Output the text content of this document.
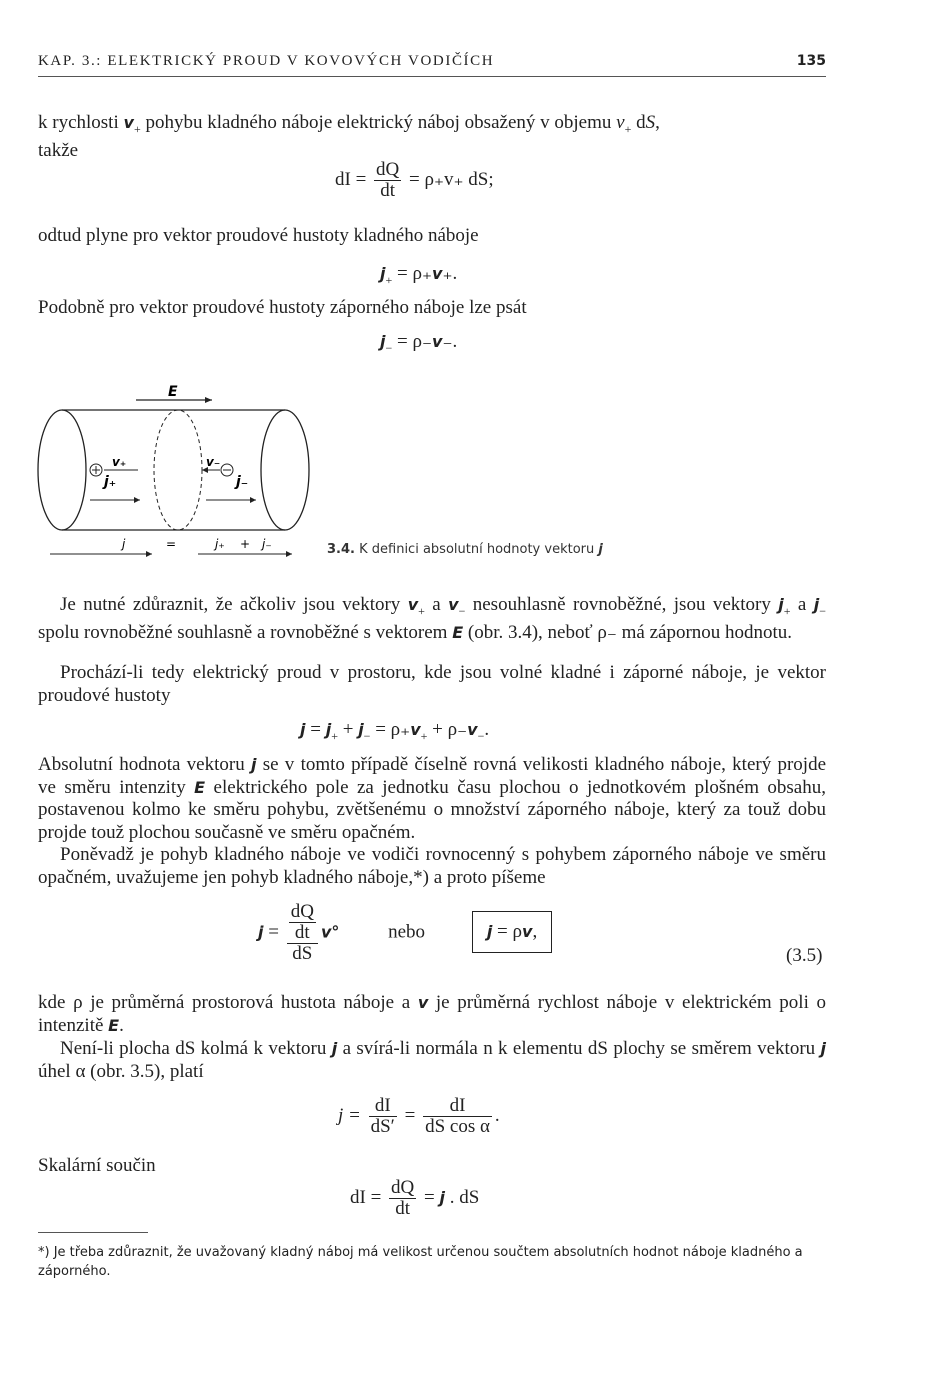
KAP. 3.: ELEKTRICKÝ PROUD V KOVOVÝCH VODIČÍCH	135

k rychlosti $v_+$ pohybu kladného náboje elektrický náboj obsažený v objemu $v_+$ dS,
takže

dI = $\frac{dQ}{dt} = \rho_+v_+$ dS;

odtud plyne pro vektor proudové hustoty kladného náboje

$j_+ = \rho_+v_+$.

Podobně pro vektor proudové hustoty záporného náboje lze psát

$j_- = \rho_-v_-$.
E
v₊
j₊
v₋
j₋
j	=	j₊ + j₋	3.4. K definici absolutní hodnoty vektoru j

Je nutné zdůraznit, že ačkoliv jsou vektory $v_+$ a $v_-$ nesouhlasně rovnoběžné, jsou vektory $j_+$ a $j_-$ spolu rovnoběžné souhlasně a rovnoběžné s vektorem E (obr. 3.4), neboť ρ₋ má zápornou hodnotu.

Prochází-li tedy elektrický proud v prostoru, kde jsou volné kladné i záporné náboje, je vektor proudové hustoty

$j = j_+ + j_- = \rho_+v_+ + \rho_-v_-$.

Absolutní hodnota vektoru j se v tomto případě číselně rovná velikosti kladného náboje, který projde ve směru intenzity E elektrického pole za jednotku času plochou o jednotkovém plošném obsahu, postavenou kolmo ke směru pohybu, zvětšenému o množství záporného náboje, který za touž dobu projde touž plochou současně ve směru opačném.

Poněvadž je pohyb kladného náboje ve vodiči rovnocenný s pohybem záporného náboje ve směru opačném, uvažujeme jen pohyb kladného náboje,*) a proto píšeme

j = dQ
dt
dS v°	nebo	j = ρv,
(3.5)

kde ρ je průměrná prostorová hustota náboje a v je průměrná rychlost náboje v elektrickém poli o intenzitě E.

Není-li plocha dS kolmá k vektoru j a svírá-li normála n k elementu dS plochy se směrem vektoru j úhel α (obr. 3.5), platí

$j = \frac{dI}{dS'} = \frac{dI}{\text{dS cos α}}$ .

Skalární součin

dI = $\frac{dQ}{dt} = j$ . dS
*) Je třeba zdůraznit, že uvažovaný kladný náboj má velikost určenou součtem absolutních hodnot náboje kladného a záporného.
